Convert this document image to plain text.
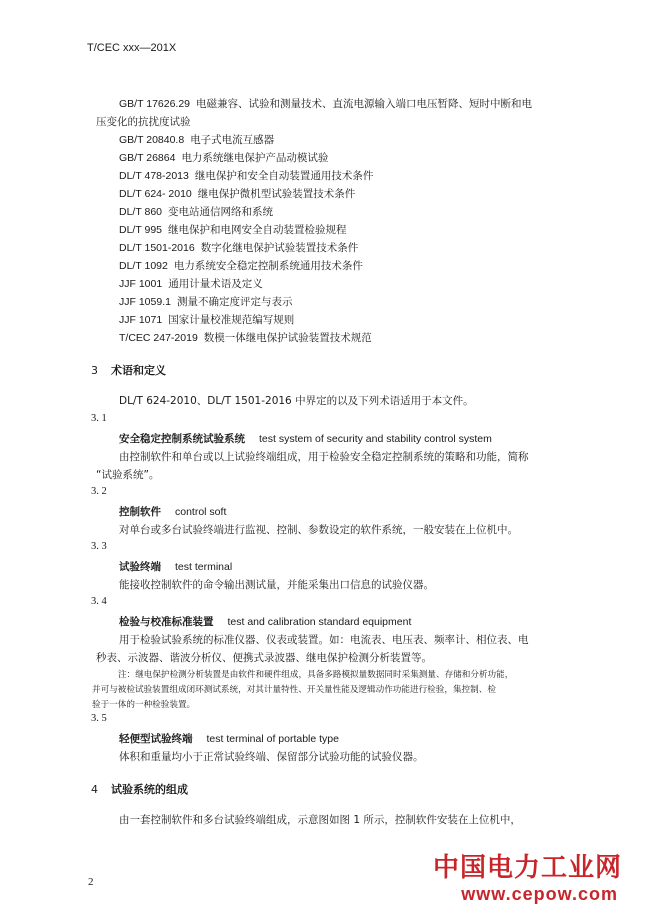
T/CEC xxx—201X
GB/T 17626.29 电磁兼容、试验和测量技术、直流电源输入端口电压暂降、短时中断和电
压变化的抗扰度试验
GB/T 20840.8 电子式电流互感器
GB/T 26864 电力系统继电保护产品动模试验
DL/T 478-2013 继电保护和安全自动装置通用技术条件
DL/T 624- 2010 继电保护微机型试验装置技术条件
DL/T 860 变电站通信网络和系统
DL/T 995 继电保护和电网安全自动装置检验规程
DL/T 1501-2016 数字化继电保护试验装置技术条件
DL/T 1092 电力系统安全稳定控制系统通用技术条件
JJF 1001 通用计量术语及定义
JJF 1059.1 测量不确定度评定与表示
JJF 1071 国家计量校准规范编写规则
T/CEC 247-2019 数模一体继电保护试验装置技术规范
3 术语和定义
DL/T 624-2010、DL/T 1501-2016 中界定的以及下列术语适用于本文件。
3. 1
安全稳定控制系统试验系统 test system of security and stability control system
由控制软件和单台或以上试验终端组成，用于检验安全稳定控制系统的策略和功能，简称
“试验系统”。
3. 2
控制软件 control soft
对单台或多台试验终端进行监视、控制、参数设定的软件系统，一般安装在上位机中。
3. 3
试验终端 test terminal
能接收控制软件的命令输出测试量，并能采集出口信息的试验仪器。
3. 4
检验与校准标准装置 test and calibration standard equipment
用于检验试验系统的标准仪器、仪表或装置。如：电流表、电压表、频率计、相位表、电
秒表、示波器、谐波分析仪、便携式录波器、继电保护检测分析装置等。
注：继电保护检测分析装置是由软件和硬件组成，具备多路模拟量数据同时采集测量、存储和分析功能，
并可与被检试验装置组成闭环测试系统，对其计量特性、开关量性能及逻辑动作功能进行检验，集控制、检
验于一体的一种检验装置。
3. 5
轻便型试验终端 test terminal of portable type
体积和重量均小于正常试验终端、保留部分试验功能的试验仪器。
4 试验系统的组成
由一套控制软件和多台试验终端组成，示意图如图 1 所示，控制软件安装在上位机中，
2	中国电力工业网
www.cepow.com
